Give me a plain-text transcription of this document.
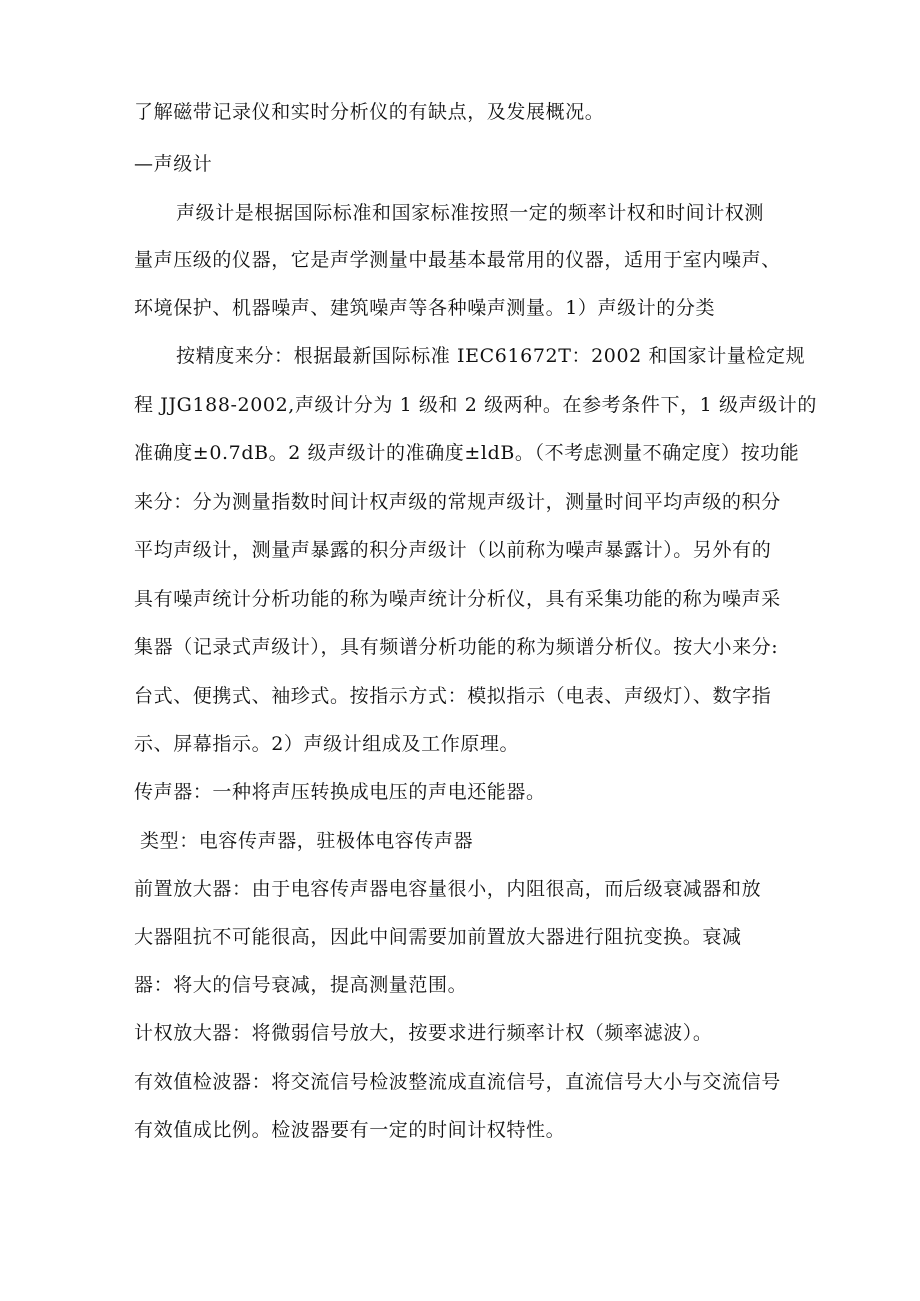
了解磁带记录仪和实时分析仪的有缺点，及发展概况。
—声级计
声级计是根据国际标准和国家标准按照一定的频率计权和时间计权测
量声压级的仪器，它是声学测量中最基本最常用的仪器，适用于室内噪声、
环境保护、机器噪声、建筑噪声等各种噪声测量。1）声级计的分类
按精度来分：根据最新国际标准 IEC61672T：2002 和国家计量检定规
程 JJG188-2002,声级计分为 1 级和 2 级两种。在参考条件下，1 级声级计的
准确度±0.7dB。2 级声级计的准确度±ldB。（不考虑测量不确定度）按功能
来分：分为测量指数时间计权声级的常规声级计，测量时间平均声级的积分
平均声级计，测量声暴露的积分声级计（以前称为噪声暴露计）。另外有的
具有噪声统计分析功能的称为噪声统计分析仪，具有采集功能的称为噪声采
集器（记录式声级计），具有频谱分析功能的称为频谱分析仪。按大小来分:
台式、便携式、袖珍式。按指示方式：模拟指示（电表、声级灯）、数字指
示、屏幕指示。2）声级计组成及工作原理。
传声器：一种将声压转换成电压的声电还能器。
类型：电容传声器，驻极体电容传声器
前置放大器：由于电容传声器电容量很小，内阻很高，而后级衰减器和放
大器阻抗不可能很高，因此中间需要加前置放大器进行阻抗变换。衰减
器：将大的信号衰减，提高测量范围。
计权放大器：将微弱信号放大，按要求进行频率计权（频率滤波）。
有效值检波器：将交流信号检波整流成直流信号，直流信号大小与交流信号
有效值成比例。检波器要有一定的时间计权特性。
